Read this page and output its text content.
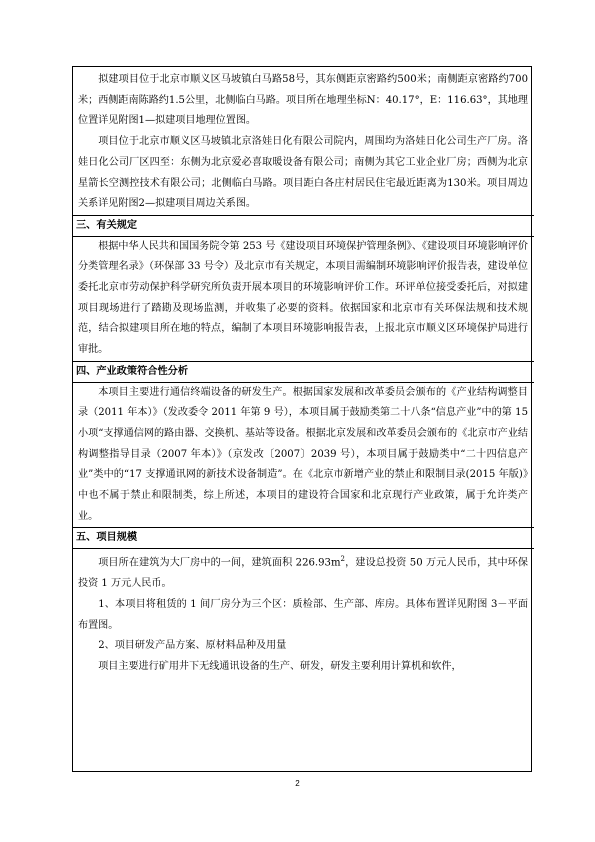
拟建项目位于北京市顺义区马坡镇白马路58号，其东侧距京密路约500米；南侧距京密路约700米；西侧距南陈路约1.5公里，北侧临白马路。项目所在地理坐标N：40.17°，E：116.63°，其地理位置详见附图1—拟建项目地理位置图。

项目位于北京市顺义区马坡镇北京洛娃日化有限公司院内，周围均为洛娃日化公司生产厂房。洛娃日化公司厂区四至：东侧为北京爱必喜取暖设备有限公司；南侧为其它工业企业厂房；西侧为北京星箭长空测控技术有限公司；北侧临白马路。项目距白各庄村居民住宅最近距离为130米。项目周边关系详见附图2—拟建项目周边关系图。

三、有关规定

根据中华人民共和国国务院令第 253 号《建设项目环境保护管理条例》、《建设项目环境影响评价分类管理名录》（环保部 33 号令）及北京市有关规定，本项目需编制环境影响评价报告表，建设单位委托北京市劳动保护科学研究所负责开展本项目的环境影响评价工作。环评单位接受委托后，对拟建项目现场进行了踏勘及现场监测，并收集了必要的资料。依据国家和北京市有关环保法规和技术规范，结合拟建项目所在地的特点，编制了本项目环境影响报告表，上报北京市顺义区环境保护局进行审批。

四、产业政策符合性分析

本项目主要进行通信终端设备的研发生产。根据国家发展和改革委员会颁布的《产业结构调整目录（2011 年本）》（发改委令 2011 年第 9 号），本项目属于鼓励类第二十八条“信息产业”中的第 15 小项“支撑通信网的路由器、交换机、基站等设备。根据北京发展和改革委员会颁布的《北京市产业结构调整指导目录（2007 年本）》（京发改〔2007〕2039 号），本项目属于鼓励类中“二十四信息产业”类中的“17 支撑通讯网的新技术设备制造”。在《北京市新增产业的禁止和限制目录(2015 年版)》中也不属于禁止和限制类，综上所述，本项目的建设符合国家和北京现行产业政策，属于允许类产业。

五、项目规模

项目所在建筑为大厂房中的一间，建筑面积 $226.93m^2$，建设总投资 50 万元人民币，其中环保投资 1 万元人民币。

1、本项目将租赁的 1 间厂房分为三个区：质检部、生产部、库房。具体布置详见附图 3－平面布置图。

2、项目研发产品方案、原材料品种及用量

项目主要进行矿用井下无线通讯设备的生产、研发，研发主要利用计算机和软件，

2
